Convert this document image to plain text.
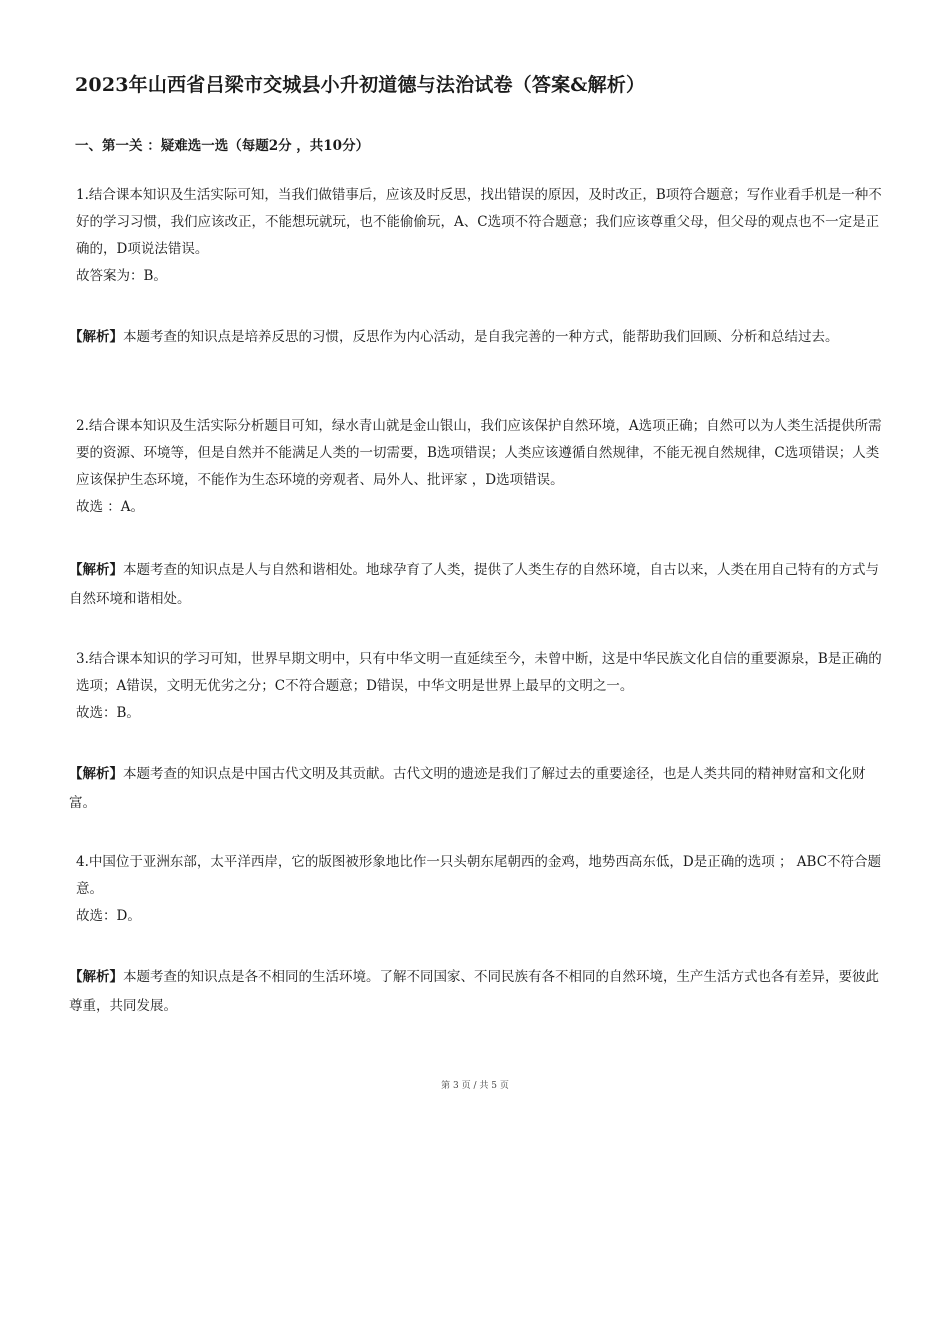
2023年山西省吕梁市交城县小升初道德与法治试卷（答案&解析）
一、第一关 ：疑难选一选（每题2分 ，共10分）

1.结合课本知识及生活实际可知，当我们做错事后，应该及时反思，找出错误的原因，及时改正，B项符合题意；写作业看手机是一种不好的学习习惯，我们应该改正，不能想玩就玩，也不能偷偷玩，A、C选项不符合题意；我们应该尊重父母，但父母的观点也不一定是正确的，D项说法错误。

故答案为：B。

【解析】本题考查的知识点是培养反思的习惯，反思作为内心活动，是自我完善的一种方式，能帮助我们回顾、分析和总结过去。

2.结合课本知识及生活实际分析题目可知，绿水青山就是金山银山，我们应该保护自然环境，A选项正确；自然可以为人类生活提供所需要的资源、环境等，但是自然并不能满足人类的一切需要，B选项错误；人类应该遵循自然规律，不能无视自然规律，C选项错误；人类应该保护生态环境，不能作为生态环境的旁观者、局外人、批评家 ，D选项错误。

故选 ：A。

【解析】本题考查的知识点是人与自然和谐相处。地球孕育了人类，提供了人类生存的自然环境，自古以来，人类在用自己特有的方式与自然环境和谐相处。

3.结合课本知识的学习可知，世界早期文明中，只有中华文明一直延续至今，未曾中断，这是中华民族文化自信的重要源泉，B是正确的选项；A错误，文明无优劣之分；C不符合题意；D错误，中华文明是世界上最早的文明之一。

故选：B。

【解析】本题考查的知识点是中国古代文明及其贡献。古代文明的遗迹是我们了解过去的重要途径，也是人类共同的精神财富和文化财富。

4.中国位于亚洲东部，太平洋西岸，它的版图被形象地比作一只头朝东尾朝西的金鸡，地势西高东低，D是正确的选项 ； ABC不符合题意。

故选：D。

【解析】本题考查的知识点是各不相同的生活环境。了解不同国家、不同民族有各不相同的自然环境，生产生活方式也各有差异，要彼此尊重，共同发展。
第 3 页 / 共 5 页
